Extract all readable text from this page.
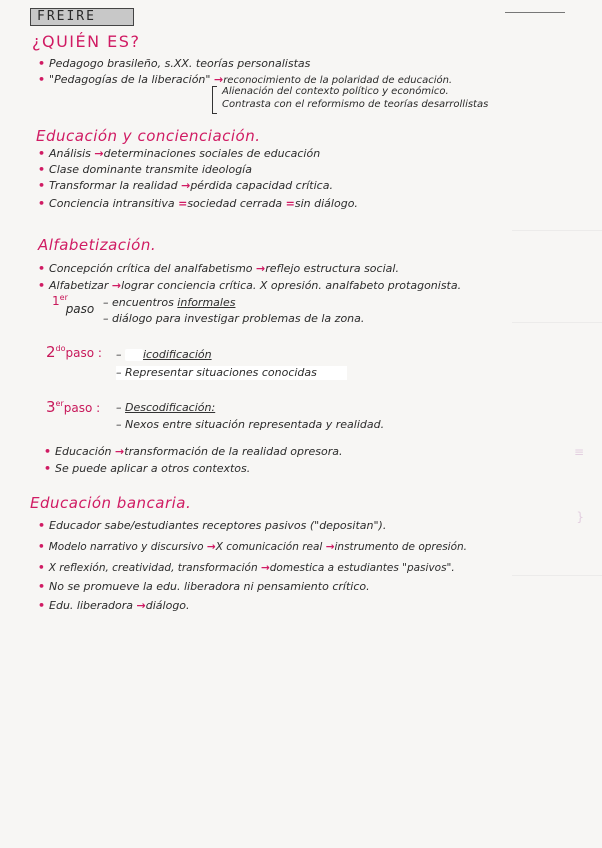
≡
}
FREIRE
¿QUIÉN ES?
• Pedagogo brasileño, s.XX. teorías personalistas
• "Pedagogías de la liberación" →reconocimiento de la polaridad de educación.
Alienación del contexto político y económico.
Contrasta con el reformismo de teorías desarrollistas
Educación y concienciación.
• Análisis →determinaciones sociales de educación
• Clase dominante transmite ideología
• Transformar la realidad →pérdida capacidad crítica.
• Conciencia intransitiva =sociedad cerrada =sin diálogo.
Alfabetización.
• Concepción crítica del analfabetismo →reflejo estructura social.
• Alfabetizar →lograr conciencia crítica. X opresión. analfabeto protagonista.
1er paso – encuentros informales
– diálogo para investigar problemas de la zona.
$2^{do}paso$ : – icodificación
– Representar situaciones conocidas
3erpaso : – Descodificación:
– Nexos entre situación representada y realidad.
• Educación →transformación de la realidad opresora.
• Se puede aplicar a otros contextos.
Educación bancaria.
• Educador sabe/estudiantes receptores pasivos ("depositan").
• Modelo narrativo y discursivo →X comunicación real →instrumento de opresión.
• X reflexión, creatividad, transformación →domestica a estudiantes "pasivos".
• No se promueve la edu. liberadora ni pensamiento crítico.
• Edu. liberadora →diálogo.
